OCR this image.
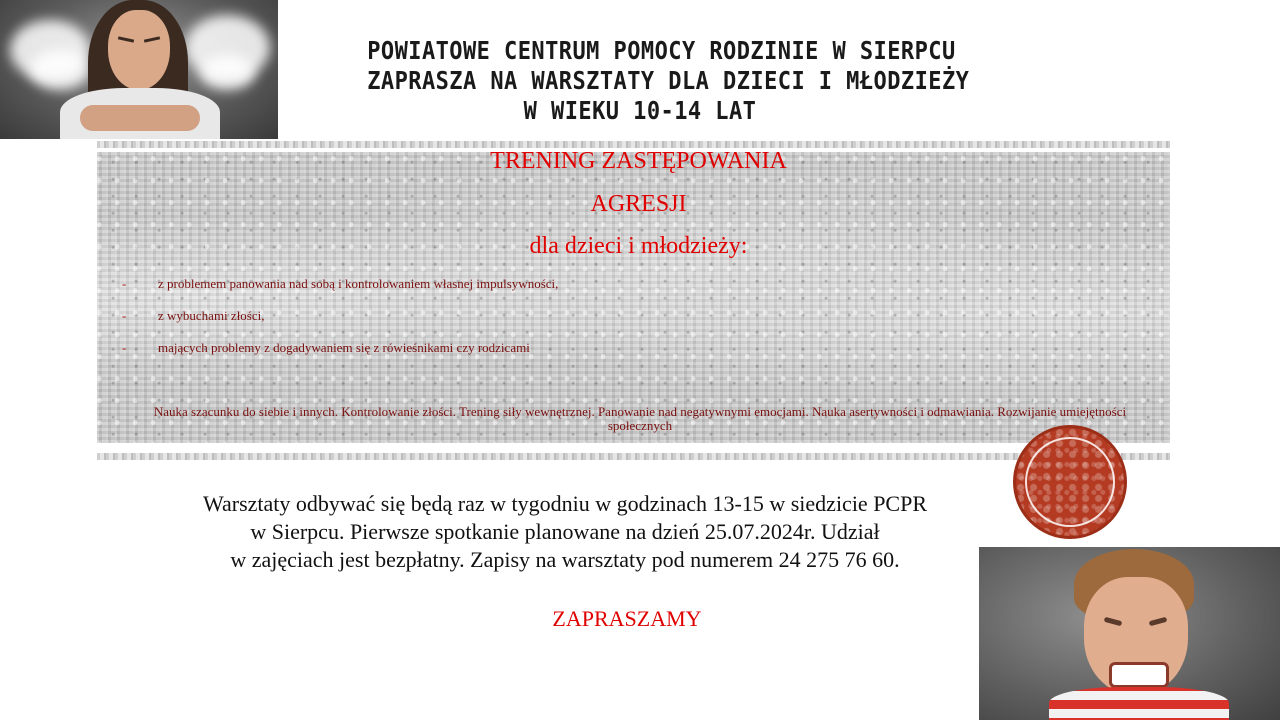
POWIATOWE CENTRUM POMOCY RODZINIE W SIERPCU
ZAPRASZA NA WARSZTATY DLA DZIECI I MŁODZIEŻY
W WIEKU 10-14 LAT
TRENING ZASTĘPOWANIA
AGRESJI
dla dzieci i młodzieży:
- z problemem panowania nad sobą i kontrolowaniem własnej impulsywności,
- z wybuchami złości,
- mających problemy z dogadywaniem się z rówieśnikami czy rodzicami
Nauka szacunku do siebie i innych. Kontrolowanie złości. Trening siły wewnętrznej. Panowanie nad negatywnymi emocjami. Nauka asertywności i odmawiania. Rozwijanie umiejętności społecznych
Warsztaty odbywać się będą raz w tygodniu w godzinach 13-15 w siedzicie PCPR
w Sierpcu. Pierwsze spotkanie planowane na dzień 25.07.2024r. Udział
w zajęciach jest bezpłatny. Zapisy na warsztaty pod numerem 24 275 76 60.
ZAPRASZAMY
